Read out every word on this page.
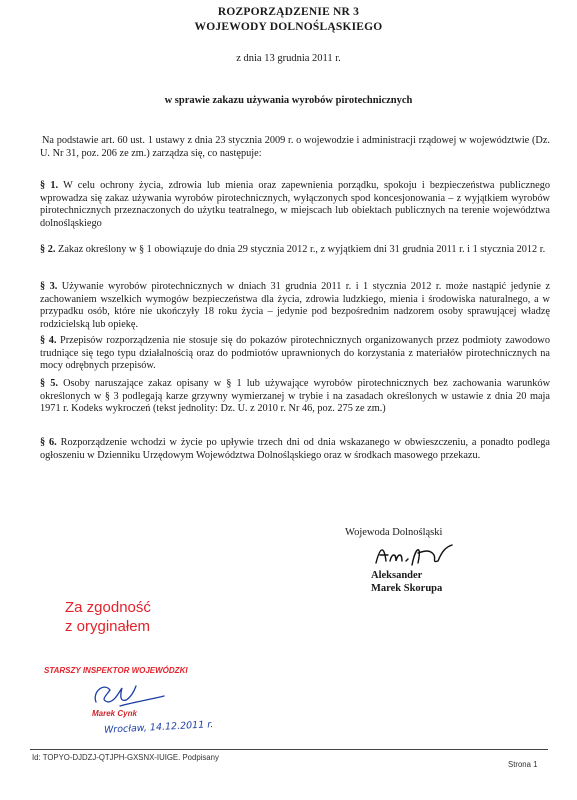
ROZPORZĄDZENIE NR 3
WOJEWODY DOLNOŚLĄSKIEGO
z dnia 13 grudnia 2011 r.
w sprawie zakazu używania wyrobów pirotechnicznych
Na podstawie art. 60 ust. 1 ustawy z dnia 23 stycznia 2009 r. o wojewodzie i administracji rządowej w województwie (Dz. U. Nr 31, poz. 206 ze zm.) zarządza się, co następuje:
§ 1. W celu ochrony życia, zdrowia lub mienia oraz zapewnienia porządku, spokoju i bezpieczeństwa publicznego wprowadza się zakaz używania wyrobów pirotechnicznych, wyłączonych spod koncesjonowania – z wyjątkiem wyrobów pirotechnicznych przeznaczonych do użytku teatralnego, w miejscach lub obiektach publicznych na terenie województwa dolnośląskiego
§ 2. Zakaz określony w § 1 obowiązuje do dnia 29 stycznia 2012 r., z wyjątkiem dni 31 grudnia 2011 r. i 1 stycznia 2012 r.
§ 3. Używanie wyrobów pirotechnicznych w dniach 31 grudnia 2011 r. i 1 stycznia 2012 r. może nastąpić jedynie z zachowaniem wszelkich wymogów bezpieczeństwa dla życia, zdrowia ludzkiego, mienia i środowiska naturalnego, a w przypadku osób, które nie ukończyły 18 roku życia – jedynie pod bezpośrednim nadzorem osoby sprawującej władzę rodzicielską lub opiekę.
§ 4. Przepisów rozporządzenia nie stosuje się do pokazów pirotechnicznych organizowanych przez podmioty zawodowo trudniące się tego typu działalnością oraz do podmiotów uprawnionych do korzystania z materiałów pirotechnicznych na mocy odrębnych przepisów.
§ 5. Osoby naruszające zakaz opisany w § 1 lub używające wyrobów pirotechnicznych bez zachowania warunków określonych w § 3 podlegają karze grzywny wymierzanej w trybie i na zasadach określonych w ustawie z dnia 20 maja 1971 r. Kodeks wykroczeń (tekst jednolity: Dz. U. z 2010 r. Nr 46, poz. 275 ze zm.)
§ 6. Rozporządzenie wchodzi w życie po upływie trzech dni od dnia wskazanego w obwieszczeniu, a ponadto podlega ogłoszeniu w Dzienniku Urzędowym Województwa Dolnośląskiego oraz w środkach masowego przekazu.
Wojewoda Dolnośląski
Aleksander
Marek Skorupa
Za zgodność
z oryginałem
STARSZY INSPEKTOR WOJEWÓDZKI
Marek Cynk
Wrocław, 14.12.2011 r.
Id: TOPYO-DJDZJ-QTJPH-GXSNX-IUIGE. Podpisany
Strona 1
